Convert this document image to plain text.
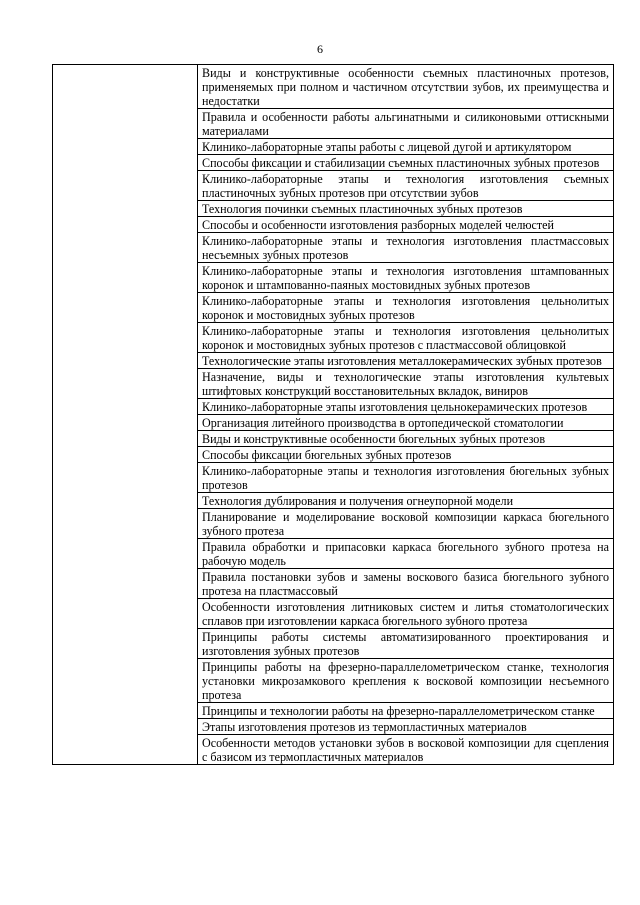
6
	Виды и конструктивные особенности съемных пластиночных протезов, применяемых при полном и частичном отсутствии зубов, их преимущества и недостатки
Правила и особенности работы альгинатными и силиконовыми оттискными материалами
Клинико-лабораторные этапы работы с лицевой дугой и артикулятором
Способы фиксации и стабилизации съемных пластиночных зубных протезов
Клинико-лабораторные этапы и технология изготовления съемных пластиночных зубных протезов при отсутствии зубов
Технология починки съемных пластиночных зубных протезов
Способы и особенности изготовления разборных моделей челюстей
Клинико-лабораторные этапы и технология изготовления пластмассовых несъемных зубных протезов
Клинико-лабораторные этапы и технология изготовления штампованных коронок и штампованно-паяных мостовидных зубных протезов
Клинико-лабораторные этапы и технология изготовления цельнолитых коронок и мостовидных зубных протезов
Клинико-лабораторные этапы и технология изготовления цельнолитых коронок и мостовидных зубных протезов с пластмассовой облицовкой
Технологические этапы изготовления металлокерамических зубных протезов
Назначение, виды и технологические этапы изготовления культевых штифтовых конструкций восстановительных вкладок, виниров
Клинико-лабораторные этапы изготовления цельнокерамических протезов
Организация литейного производства в ортопедической стоматологии
Виды и конструктивные особенности бюгельных зубных протезов
Способы фиксации бюгельных зубных протезов
Клинико-лабораторные этапы и технология изготовления бюгельных зубных протезов
Технология дублирования и получения огнеупорной модели
Планирование и моделирование восковой композиции каркаса бюгельного зубного протеза
Правила обработки и припасовки каркаса бюгельного зубного протеза на рабочую модель
Правила постановки зубов и замены воскового базиса бюгельного зубного протеза на пластмассовый
Особенности изготовления литниковых систем и литья стоматологических сплавов при изготовлении каркаса бюгельного зубного протеза
Принципы работы системы автоматизированного проектирования и изготовления зубных протезов
Принципы работы на фрезерно-параллелометрическом станке, технология установки микрозамкового крепления к восковой композиции несъемного протеза
Принципы и технологии работы на фрезерно-параллелометрическом станке
Этапы изготовления протезов из термопластичных материалов
Особенности методов установки зубов в восковой композиции для сцепления с базисом из термопластичных материалов
